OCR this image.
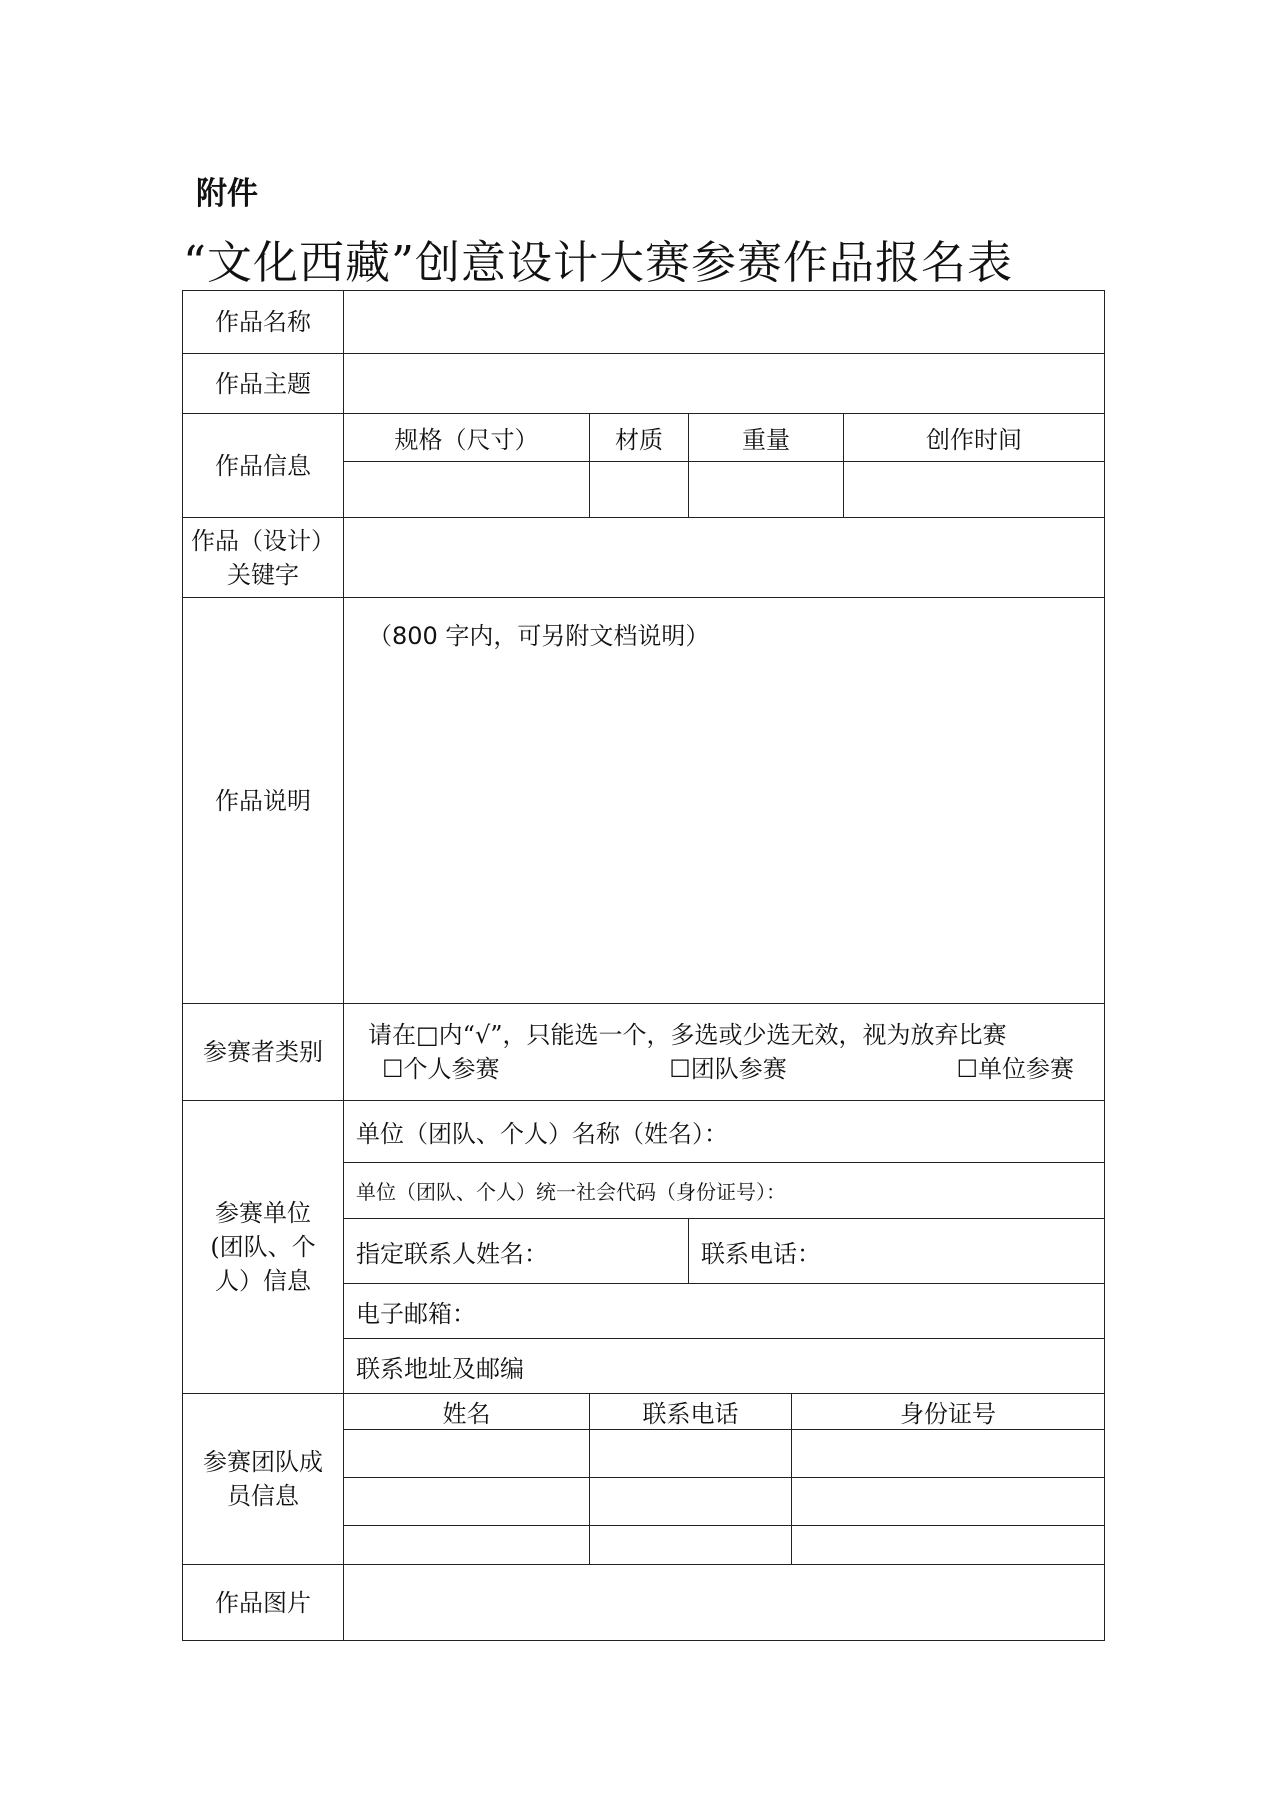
附件
“文化西藏”创意设计大赛参赛作品报名表
作品名称					
作品主题					
作品信息	规格（尺寸）	材质	重量		创作时间

作品（设计）
关键字					

作品说明	（800 字内，可另附文档说明）				
参赛者类别	请在□内“√”，只能选一个，多选或少选无效，视为放弃比赛
☐个人参赛 ☐团队参赛 ☐单位参赛				

参赛单位
(团队、个
人）信息	单位（团队、个人）名称（姓名）：				
	单位（团队、个人）统一社会代码（身份证号）：				
	指定联系人姓名：		联系电话：		
	电子邮箱：				
	联系地址及邮编				

参赛团队成
员信息	姓名	联系电话		身份证号	

作品图片					
